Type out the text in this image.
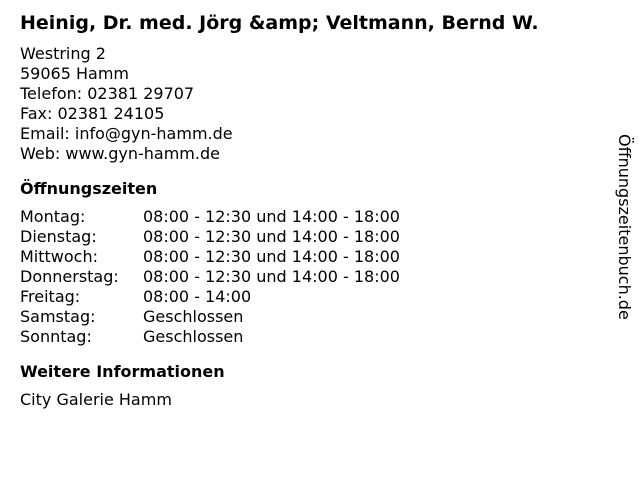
Heinig, Dr. med. Jörg &amp; Veltmann, Bernd W.
Westring 2
59065 Hamm
Telefon: 02381 29707
Fax: 02381 24105
Email: info@gyn-hamm.de
Web: www.gyn-hamm.de
Öffnungszeiten
Montag:	08:00 - 12:30 und 14:00 - 18:00
Dienstag:	08:00 - 12:30 und 14:00 - 18:00
Mittwoch:	08:00 - 12:30 und 14:00 - 18:00
Donnerstag:	08:00 - 12:30 und 14:00 - 18:00
Freitag:	08:00 - 14:00
Samstag:	Geschlossen
Sonntag:	Geschlossen
Weitere Informationen
City Galerie Hamm
Öffnungszeitenbuch.de
